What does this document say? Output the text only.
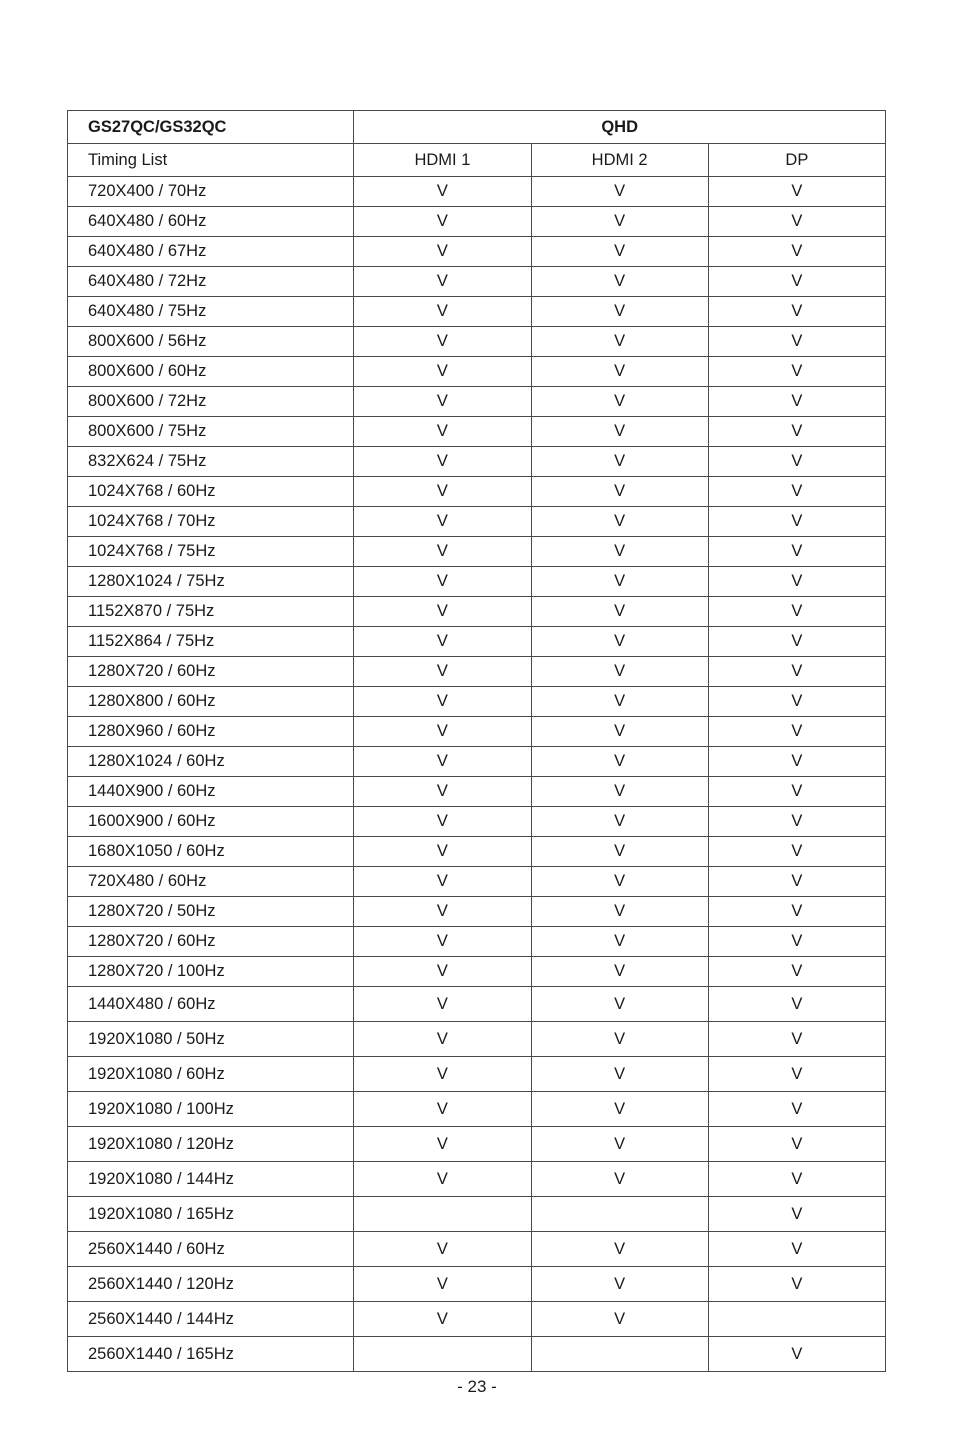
GS27QC/GS32QC	QHD		
Timing List	HDMI 1	HDMI 2	DP
720X400 / 70Hz	V	V	V
640X480 / 60Hz	V	V	V
640X480 / 67Hz	V	V	V
640X480 / 72Hz	V	V	V
640X480 / 75Hz	V	V	V
800X600 / 56Hz	V	V	V
800X600 / 60Hz	V	V	V
800X600 / 72Hz	V	V	V
800X600 / 75Hz	V	V	V
832X624 / 75Hz	V	V	V
1024X768 / 60Hz	V	V	V
1024X768 / 70Hz	V	V	V
1024X768 / 75Hz	V	V	V
1280X1024 / 75Hz	V	V	V
1152X870 / 75Hz	V	V	V
1152X864 / 75Hz	V	V	V
1280X720 / 60Hz	V	V	V
1280X800 / 60Hz	V	V	V
1280X960 / 60Hz	V	V	V
1280X1024 / 60Hz	V	V	V
1440X900 / 60Hz	V	V	V
1600X900 / 60Hz	V	V	V
1680X1050 / 60Hz	V	V	V
720X480 / 60Hz	V	V	V
1280X720 / 50Hz	V	V	V
1280X720 / 60Hz	V	V	V
1280X720 / 100Hz	V	V	V
1440X480 / 60Hz	V	V	V
1920X1080 / 50Hz	V	V	V
1920X1080 / 60Hz	V	V	V
1920X1080 / 100Hz	V	V	V
1920X1080 / 120Hz	V	V	V
1920X1080 / 144Hz	V	V	V
1920X1080 / 165Hz			V
2560X1440 / 60Hz	V	V	V
2560X1440 / 120Hz	V	V	V
2560X1440 / 144Hz	V	V	
2560X1440 / 165Hz			V
- 23 -
